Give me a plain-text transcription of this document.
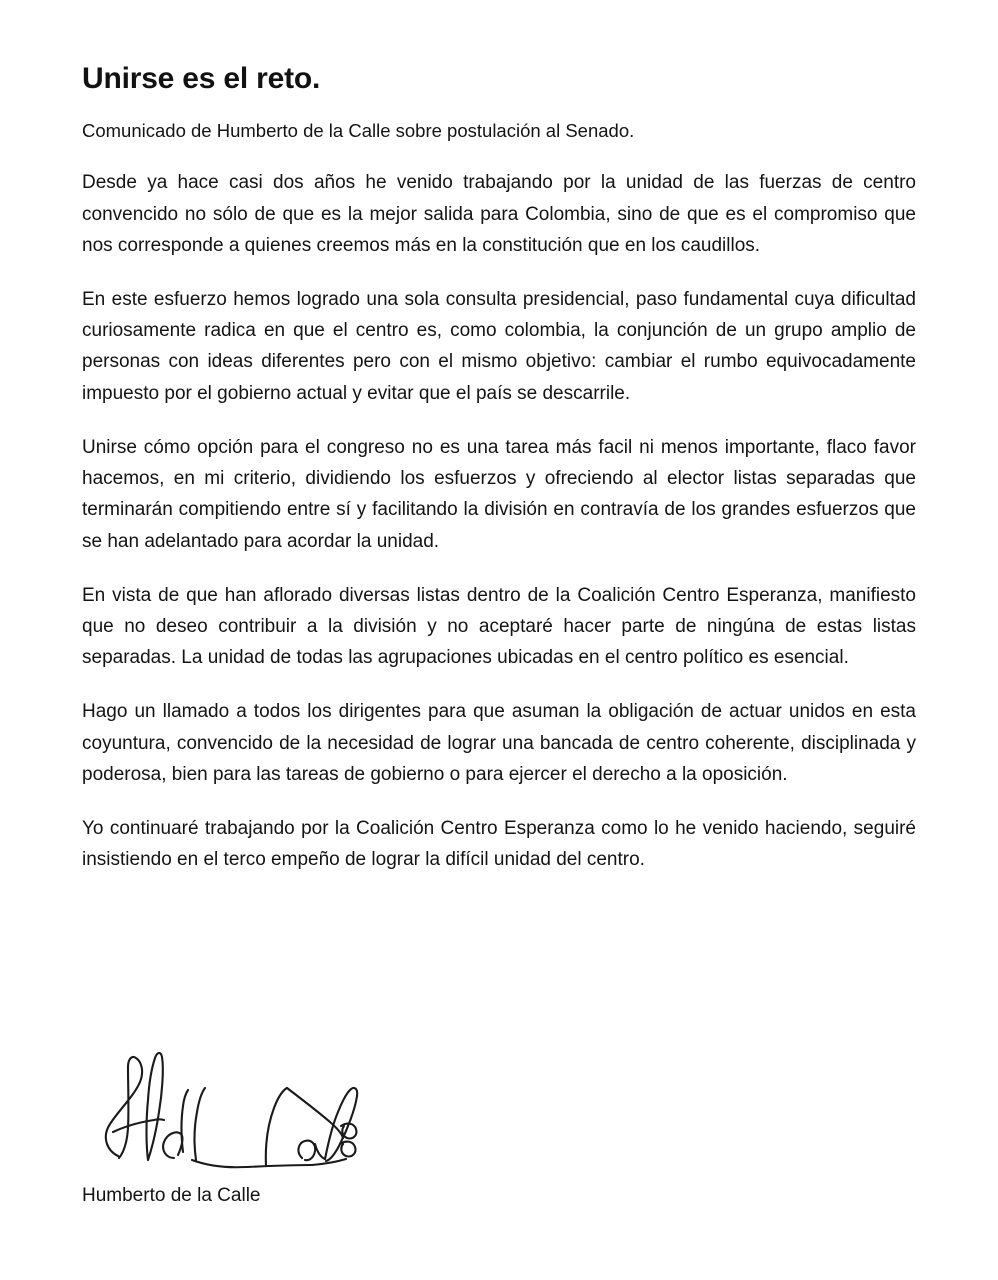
Unirse es el reto.

Comunicado de Humberto de la Calle sobre postulación al Senado.

Desde ya hace casi dos años he venido trabajando por la unidad de las fuerzas de centro convencido no sólo de que es la mejor salida para Colombia, sino de que es el compromiso que nos corresponde a quienes creemos más en la constitución que en los caudillos.

En este esfuerzo hemos logrado una sola consulta presidencial, paso fundamental cuya dificultad curiosamente radica en que el centro es, como colombia, la conjunción de un grupo amplio de personas con ideas diferentes pero con el mismo objetivo: cambiar el rumbo equivocadamente impuesto por el gobierno actual y evitar que el país se descarrile.

Unirse cómo opción para el congreso no es una tarea más facil ni menos importante, flaco favor hacemos, en mi criterio, dividiendo los esfuerzos y ofreciendo al elector listas separadas que terminarán compitiendo entre sí y facilitando la división en contravía de los grandes esfuerzos que se han adelantado para acordar la unidad.

En vista de que han aflorado diversas listas dentro de la Coalición Centro Esperanza, manifiesto que no deseo contribuir a la división y no aceptaré hacer parte de ningúna de estas listas separadas. La unidad de todas las agrupaciones ubicadas en el centro político es esencial.

Hago un llamado a todos los dirigentes para que asuman la obligación de actuar unidos en esta coyuntura, convencido de la necesidad de lograr una bancada de centro coherente, disciplinada y poderosa, bien para las tareas de gobierno o para ejercer el derecho a la oposición.

Yo continuaré trabajando por la Coalición Centro Esperanza como lo he venido haciendo, seguiré insistiendo en el terco empeño de lograr la difícil unidad del centro.

Humberto de la Calle
